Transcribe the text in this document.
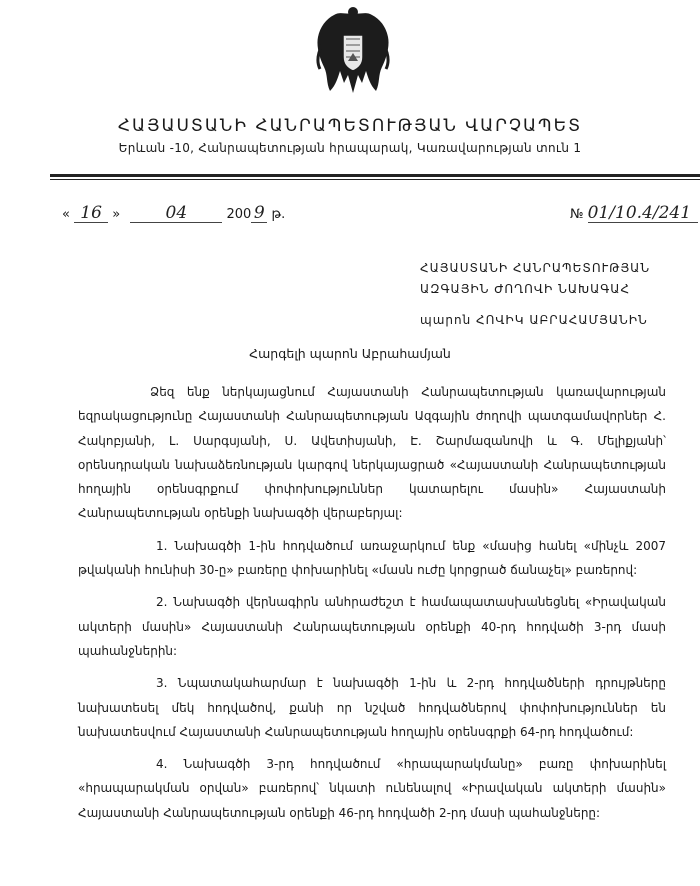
ՀԱՅԱՍՏԱՆԻ ՀԱՆՐԱՊԵՏՈՒԹՅԱՆ ՎԱՐՉԱՊԵՏ
Երևան -10, Հանրապետության հրապարակ, Կառավարության տուն 1
« 16 »	04	200 9 թ.	№ 01/10.4/241
ՀԱՅԱՍՏԱՆԻ ՀԱՆՐԱՊԵՏՈՒԹՅԱՆ
ԱԶԳԱՅԻՆ ԺՈՂՈՎԻ ՆԱԽԱԳԱՀ
պարոն ՀՈՎԻԿ ԱԲՐԱՀԱՄՅԱՆԻՆ
Հարգելի պարոն Աբրահամյան

Ձեզ ենք ներկայացնում Հայաստանի Հանրապետության կառավարության եզրակացությունը Հայաստանի Հանրապետության Ազգային ժողովի պատգամավորներ Հ. Հակոբյանի, Լ. Սարգսյանի, Ս. Ավետիսյանի, Է. Շարմազանովի և Գ. Մելիքյանի՝ օրենսդրական նախաձեռնության կարգով ներկայացրած «Հայաստանի Հանրապետության հողային օրենսգրքում փոփոխություններ կատարելու մասին» Հայաստանի Հանրապետության օրենքի նախագծի վերաբերյալ:

1. Նախագծի 1-ին հոդվածում առաջարկում ենք «մասից հանել «մինչև 2007 թվականի հունիսի 30-ը» բառերը փոխարինել «մասն ուժը կորցրած ճանաչել» բառերով:

2. Նախագծի վերնագիրն անհրաժեշտ է համապատասխանեցնել «Իրավական ակտերի մասին» Հայաստանի Հանրապետության օրենքի 40-րդ հոդվածի 3-րդ մասի պահանջներին:

3. Նպատակահարմար է նախագծի 1-ին և 2-րդ հոդվածների դրույթները նախատեսել մեկ հոդվածով, քանի որ նշված հոդվածներով փոփոխություններ են նախատեսվում Հայաստանի Հանրապետության հողային օրենսգրքի 64-րդ հոդվածում:

4. Նախագծի 3-րդ հոդվածում «հրապարակմանը» բառը փոխարինել «հրապարակման օրվան» բառերով՝ նկատի ունենալով «Իրավական ակտերի մասին» Հայաստանի Հանրապետության օրենքի 46-րդ հոդվածի 2-րդ մասի պահանջները:
